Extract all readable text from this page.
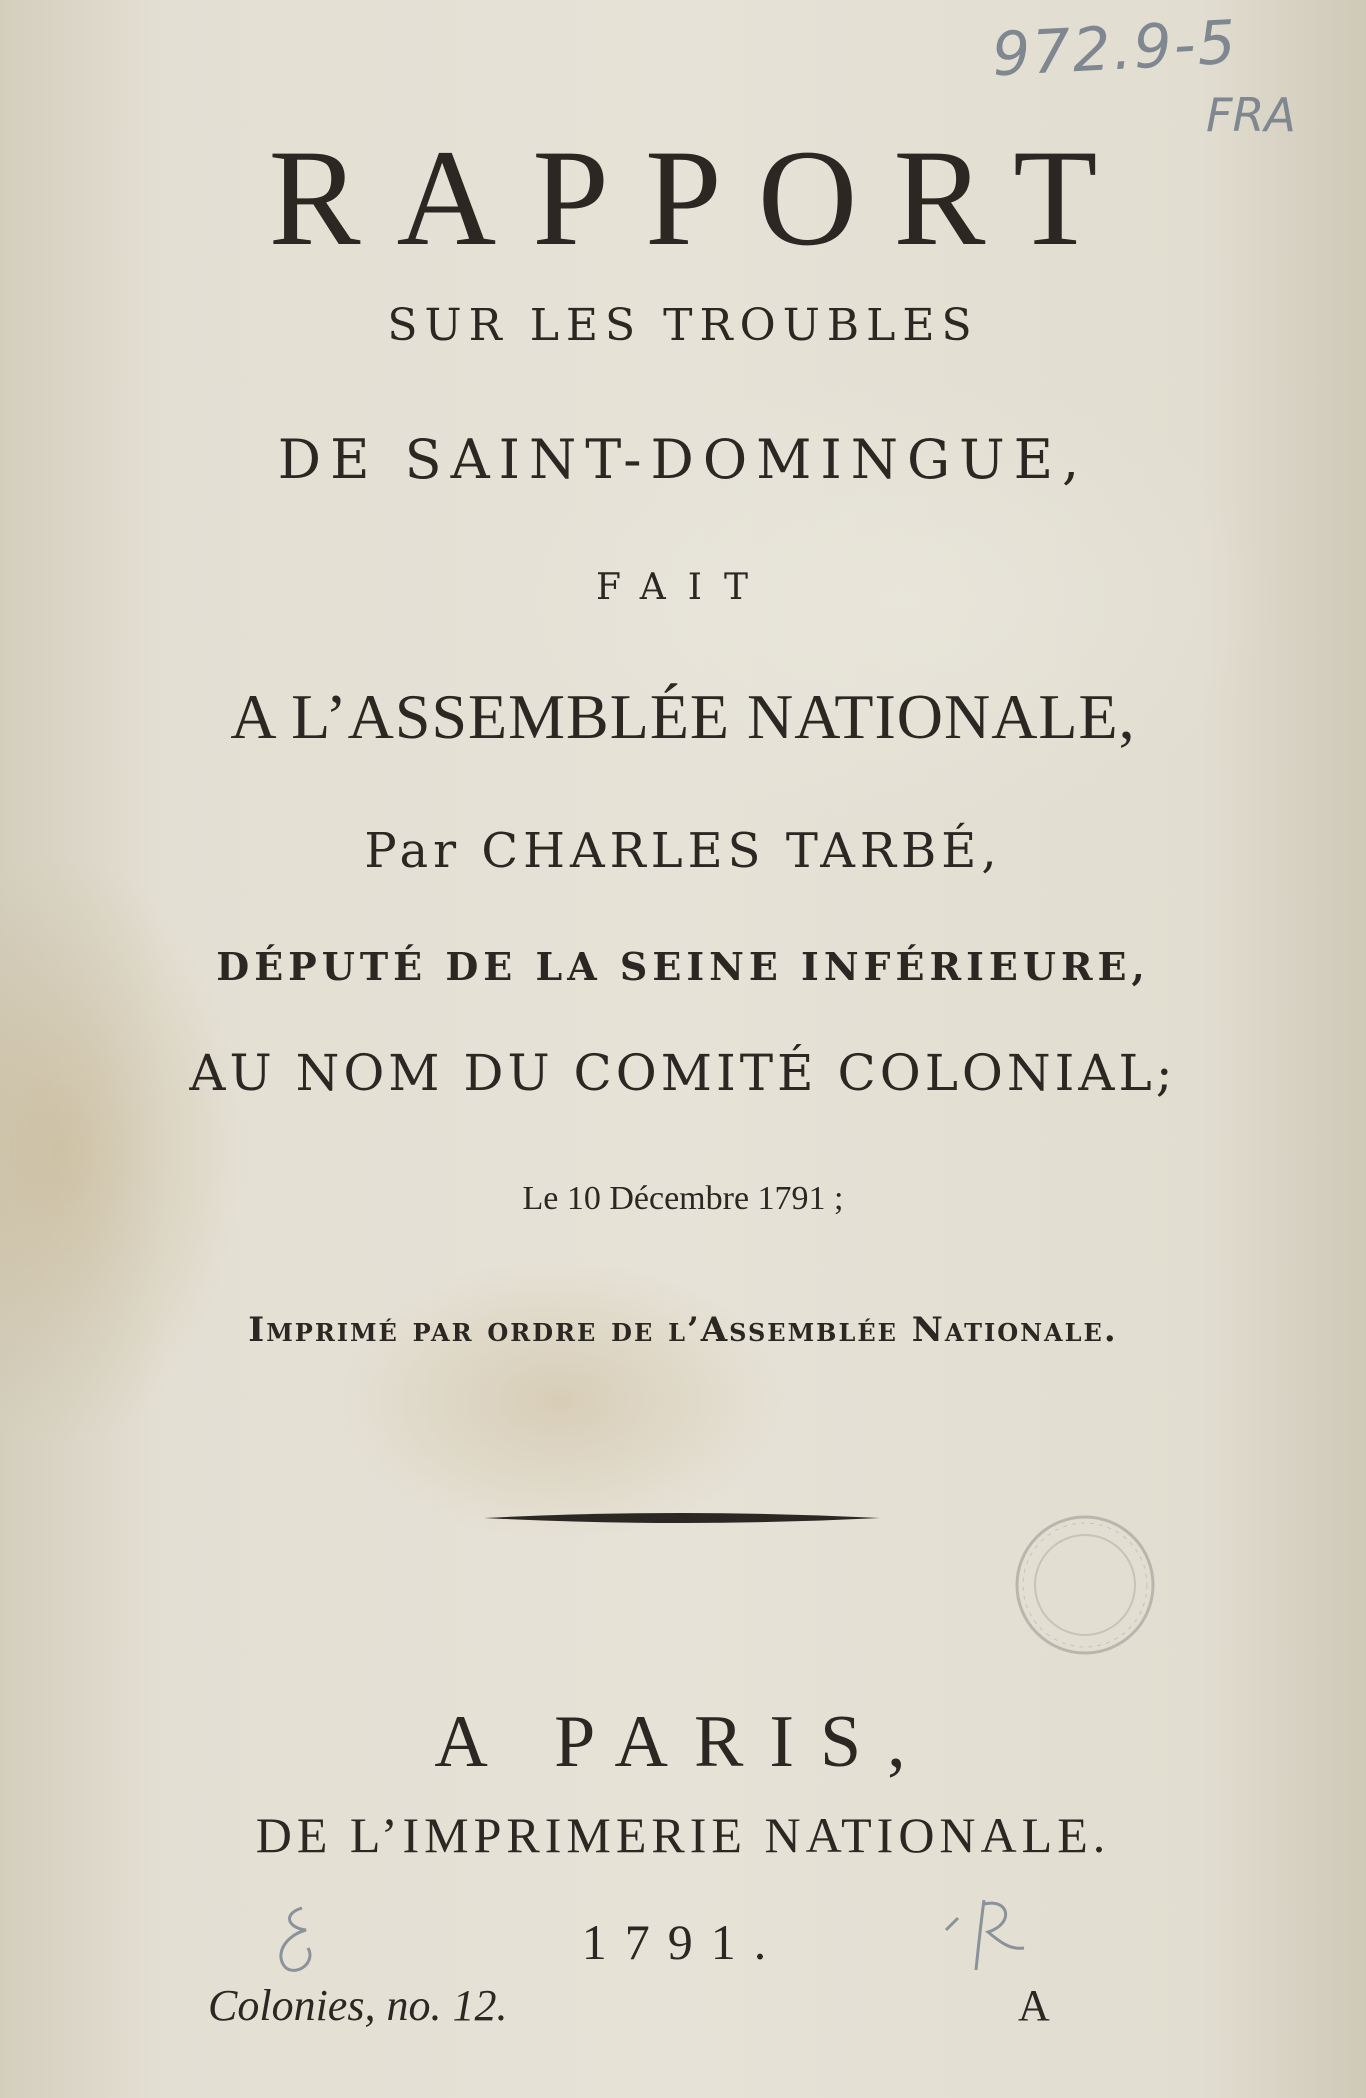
972.9-5
FRA
RAPPORT
SUR LES TROUBLES
DE SAINT-DOMINGUE,
FAIT
A L’ASSEMBLÉE NATIONALE,
Par CHARLES TARBÉ,
DÉPUTÉ DE LA SEINE INFÉRIEURE,
AU NOM DU COMITÉ COLONIAL;
Le 10 Décembre 1791 ;
Imprimé par ordre de l’Assemblée Nationale.
A PARIS,
DE L’IMPRIMERIE NATIONALE.
1791.
Colonies, no. 12.	A
